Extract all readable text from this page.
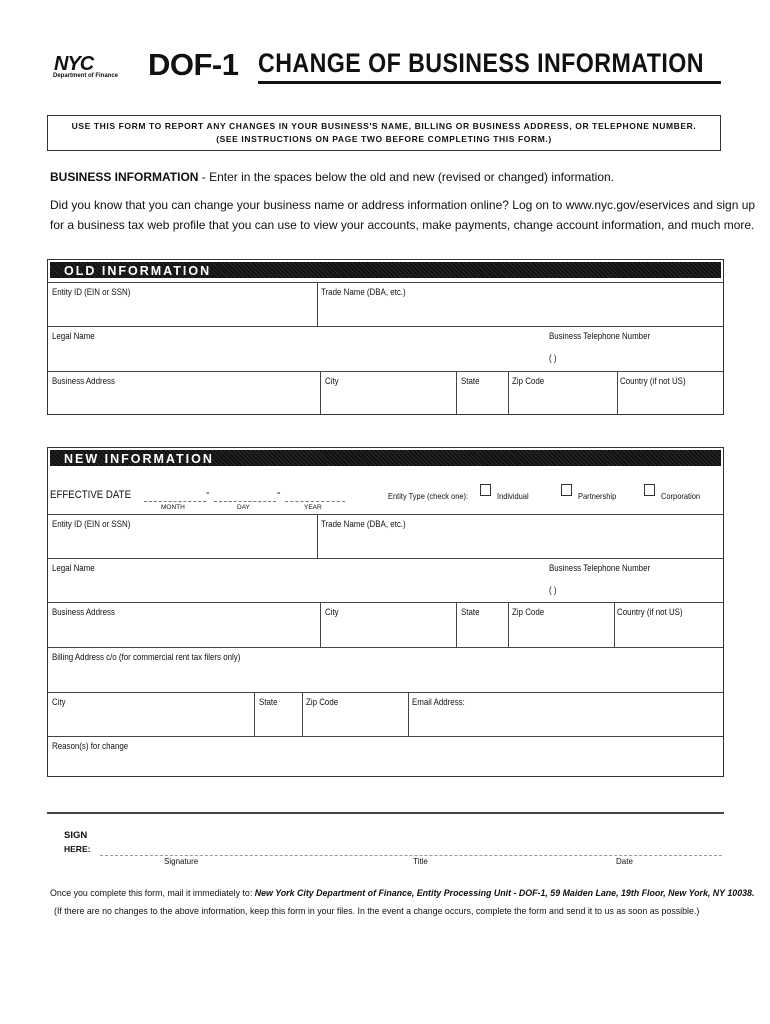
NYC
Department of Finance DOF-1 CHANGE OF BUSINESS INFORMATION
USE THIS FORM TO REPORT ANY CHANGES IN YOUR BUSINESS'S NAME, BILLING OR BUSINESS ADDRESS, OR TELEPHONE NUMBER.
(SEE INSTRUCTIONS ON PAGE TWO BEFORE COMPLETING THIS FORM.)
BUSINESS INFORMATION - Enter in the spaces below the old and new (revised or changed) information.
Did you know that you can change your business name or address information online? Log on to www.nyc.gov/eservices and sign up
for a business tax web profile that you can use to view your accounts, make payments, change account information, and much more.
OLD INFORMATION
Entity ID (EIN or SSN)	Trade Name (DBA, etc.)
Legal Name	Business Telephone Number
( )
Business Address	City	State	Zip Code	Country (if not US)
NEW INFORMATION
EFFECTIVE DATE	-	-
MONTH	DAY	YEAR
Entity Type (check one):	Individual	Partnership	Corporation
Entity ID (EIN or SSN)	Trade Name (DBA, etc.)
Legal Name	Business Telephone Number
( )
Business Address	City	State	Zip Code	Country (if not US)
Billing Address c/o (for commercial rent tax filers only)
City	State	Zip Code	Email Address:
Reason(s) for change
SIGN
HERE:
Signature	Title	Date
Once you complete this form, mail it immediately to: New York City Department of Finance, Entity Processing Unit - DOF-1, 59 Maiden Lane, 19th Floor, New York, NY 10038.
(If there are no changes to the above information, keep this form in your files. In the event a change occurs, complete the form and send it to us as soon as possible.)
